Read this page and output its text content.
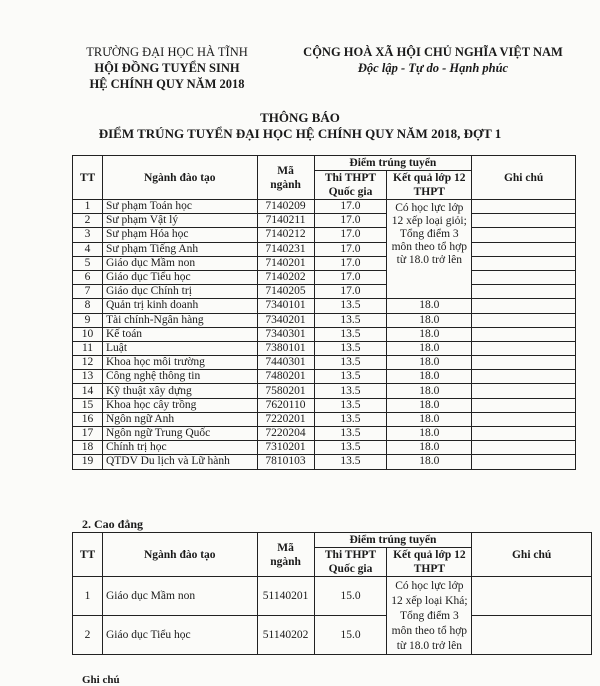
TRƯỜNG ĐẠI HỌC HÀ TĨNH
HỘI ĐỒNG TUYỂN SINH
HỆ CHÍNH QUY NĂM 2018
CỘNG HOÀ XÃ HỘI CHỦ NGHĨA VIỆT NAM
Độc lập - Tự do - Hạnh phúc
THÔNG BÁO
ĐIỂM TRÚNG TUYỂN ĐẠI HỌC HỆ CHÍNH QUY NĂM 2018, ĐỢT 1
TT	Ngành đào tạo	Mã ngành	Điểm trúng tuyển		Ghi chú
			Thi THPT Quốc gia	Kết quả lớp 12 THPT	
1	Sư phạm Toán học	7140209	17.0	Có học lực lớp 12 xếp loại giỏi; Tổng điểm 3 môn theo tổ hợp từ 18.0 trở lên	
2	Sư phạm Vật lý	7140211	17.0		
3	Sư phạm Hóa học	7140212	17.0		
4	Sư phạm Tiếng Anh	7140231	17.0		
5	Giáo dục Mầm non	7140201	17.0		
6	Giáo dục Tiểu học	7140202	17.0		
7	Giáo dục Chính trị	7140205	17.0		
8	Quản trị kinh doanh	7340101	13.5	18.0	
9	Tài chính-Ngân hàng	7340201	13.5	18.0	
10	Kế toán	7340301	13.5	18.0	
11	Luật	7380101	13.5	18.0	
12	Khoa học môi trường	7440301	13.5	18.0	
13	Công nghệ thông tin	7480201	13.5	18.0	
14	Kỹ thuật xây dựng	7580201	13.5	18.0	
15	Khoa học cây trồng	7620110	13.5	18.0	
16	Ngôn ngữ Anh	7220201	13.5	18.0	
17	Ngôn ngữ Trung Quốc	7220204	13.5	18.0	
18	Chính trị học	7310201	13.5	18.0	
19	QTDV Du lịch và Lữ hành	7810103	13.5	18.0	
2. Cao đẳng
TT	Ngành đào tạo	Mã ngành	Điểm trúng tuyển		Ghi chú
			Thi THPT Quốc gia	Kết quả lớp 12 THPT	
1	Giáo dục Mầm non	51140201	15.0	Có học lực lớp 12 xếp loại Khá; Tổng điểm 3 môn theo tổ hợp từ 18.0 trở lên	
2	Giáo dục Tiểu học	51140202	15.0		
Ghi chú
